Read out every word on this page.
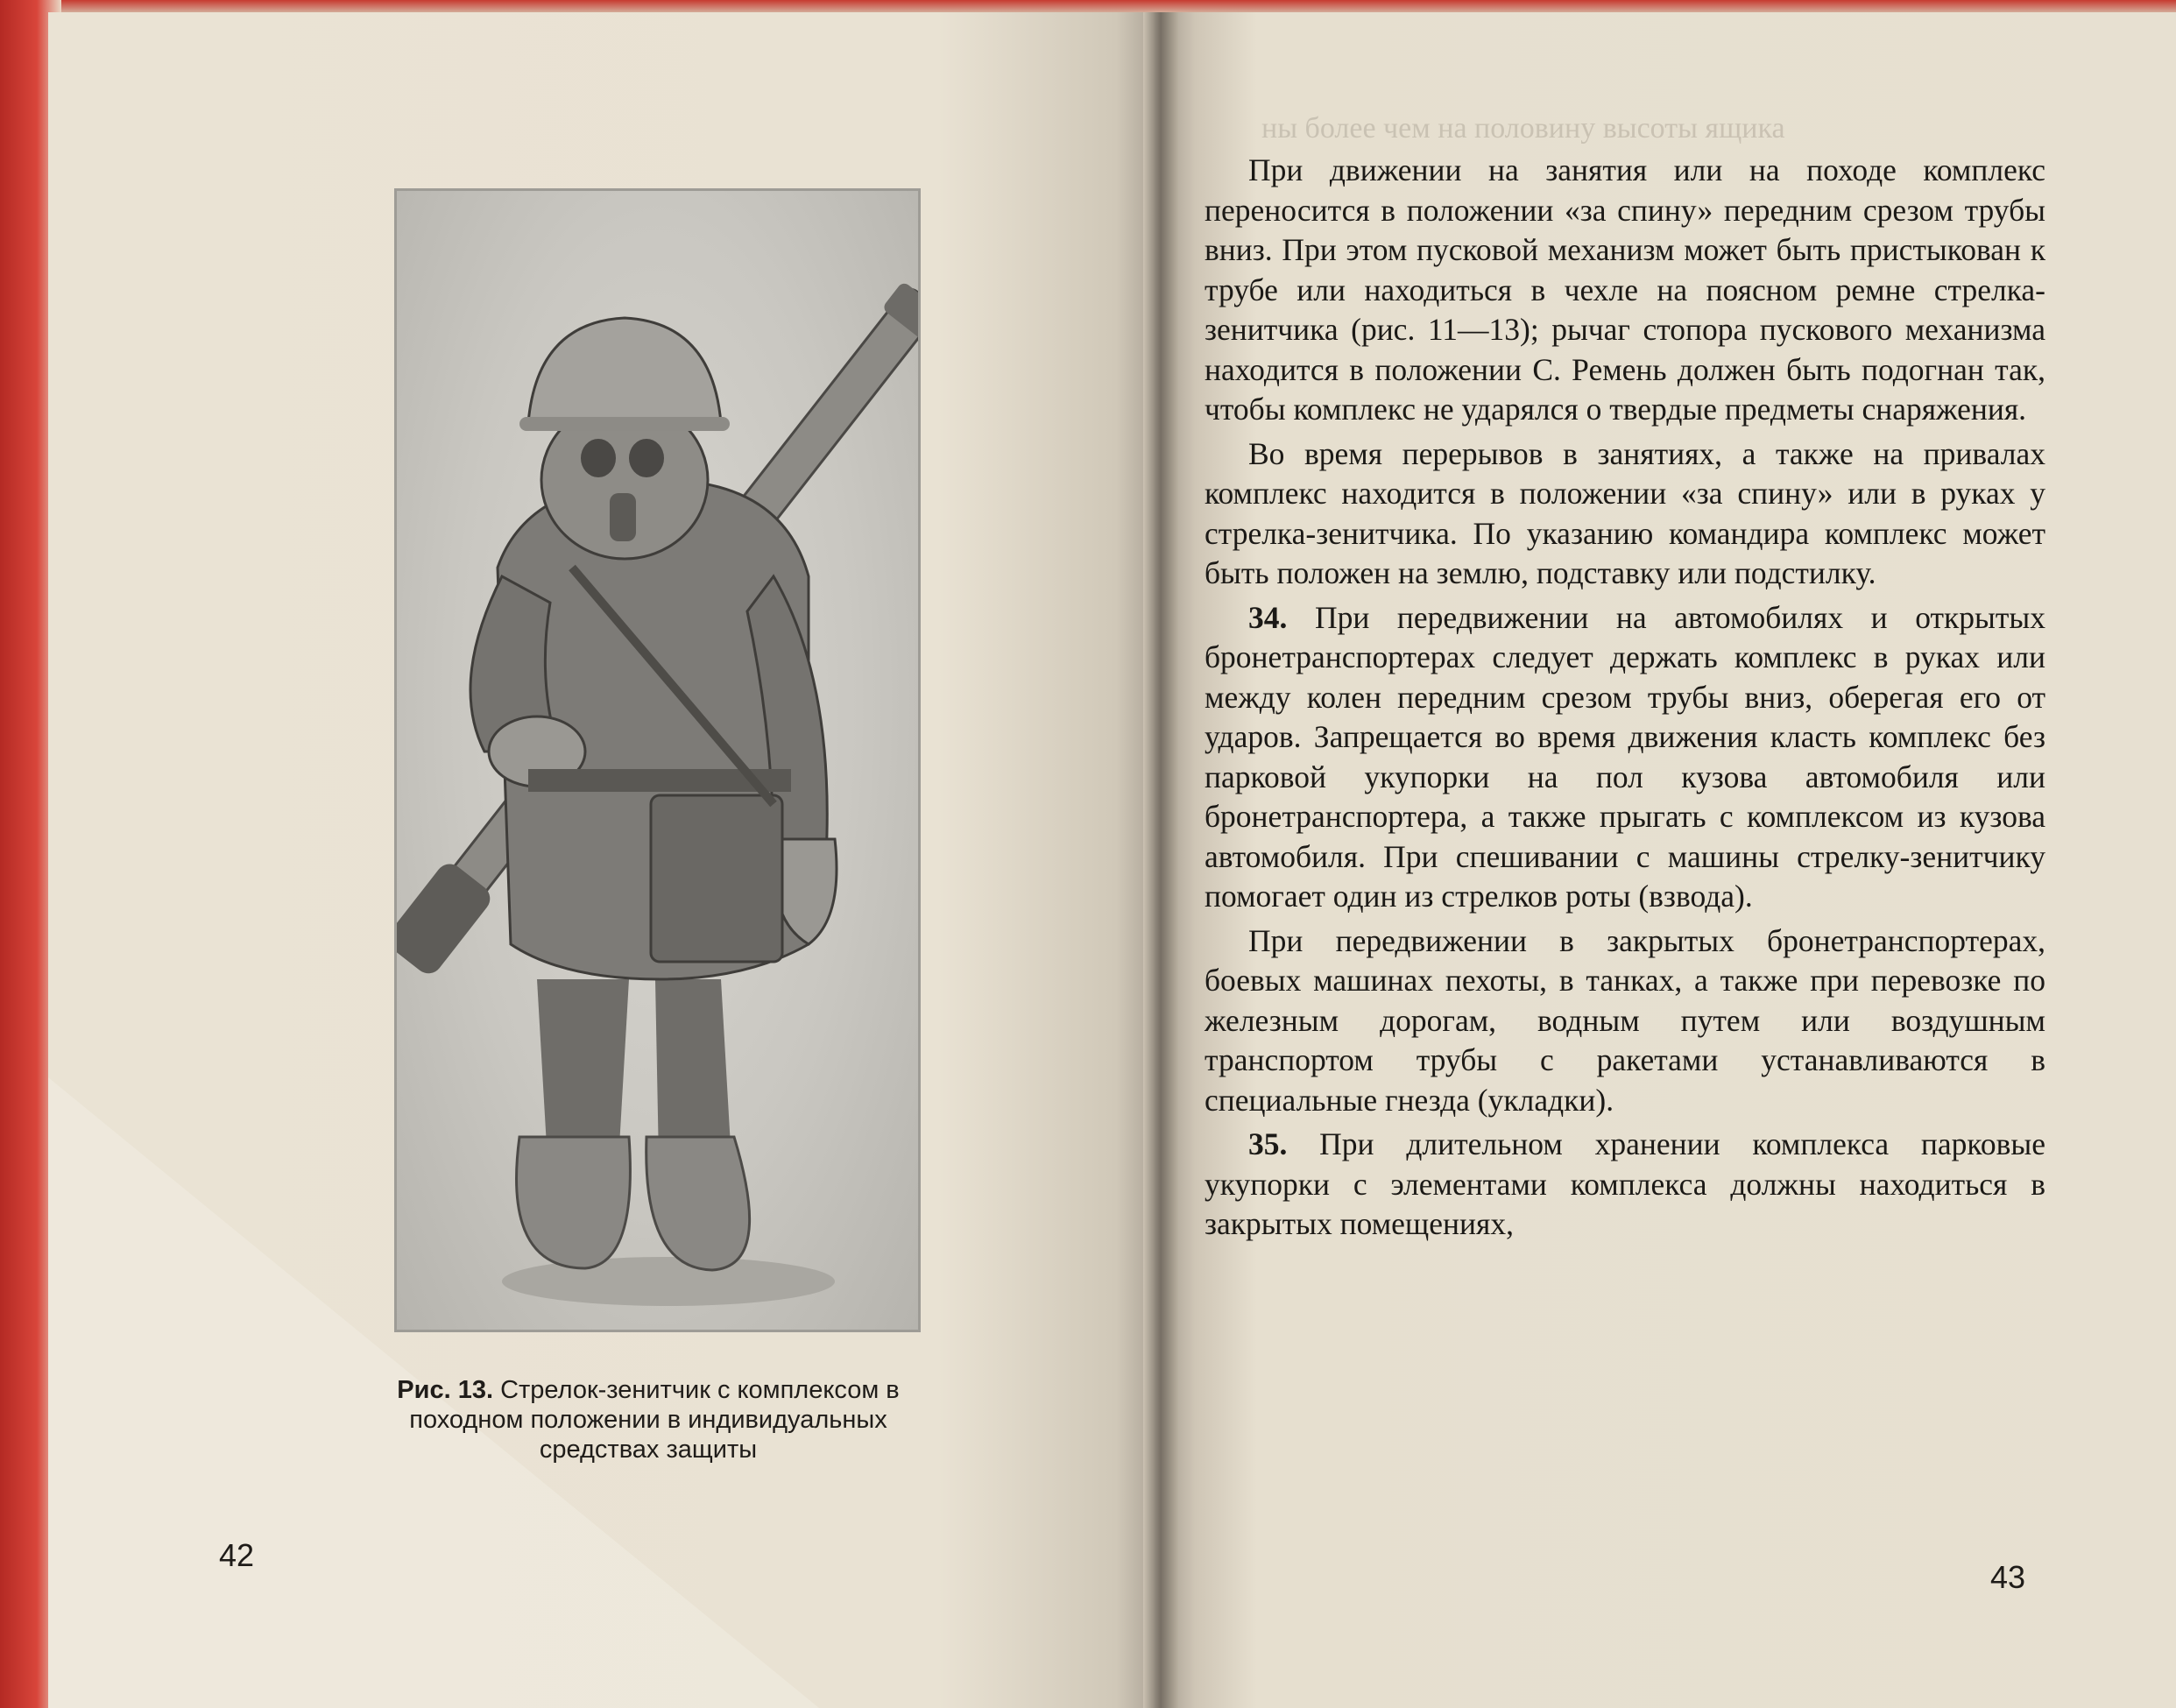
Рис. 13. Стрелок-зенитчик с комплексом в походном положении в индивидуальных средствах защиты
42
ны более чем на половину высоты ящика

При движении на занятия или на походе комплекс переносится в положении «за спину» передним срезом трубы вниз. При этом пусковой механизм может быть пристыкован к трубе или находиться в чехле на поясном ремне стрелка-зенитчика (рис. 11—13); рычаг стопора пускового механизма находится в положении С. Ремень должен быть подогнан так, чтобы комплекс не ударялся о твердые предметы снаряжения.

Во время перерывов в занятиях, а также на привалах комплекс находится в положении «за спину» или в руках у стрелка-зенитчика. По указанию командира комплекс может быть положен на землю, подставку или подстилку.

34. При передвижении на автомобилях и открытых бронетранспортерах следует держать комплекс в руках или между колен передним срезом трубы вниз, оберегая его от ударов. Запрещается во время движения класть комплекс без парковой укупорки на пол кузова автомобиля или бронетранспортера, а также прыгать с комплексом из кузова автомобиля. При спешивании с машины стрелку-зенитчику помогает один из стрелков роты (взвода).

При передвижении в закрытых бронетранспортерах, боевых машинах пехоты, в танках, а также при перевозке по железным дорогам, водным путем или воздушным транспортом трубы с ракетами устанавливаются в специальные гнезда (укладки).

35. При длительном хранении комплекса парковые укупорки с элементами комплекса должны находиться в закрытых помещениях,

43
